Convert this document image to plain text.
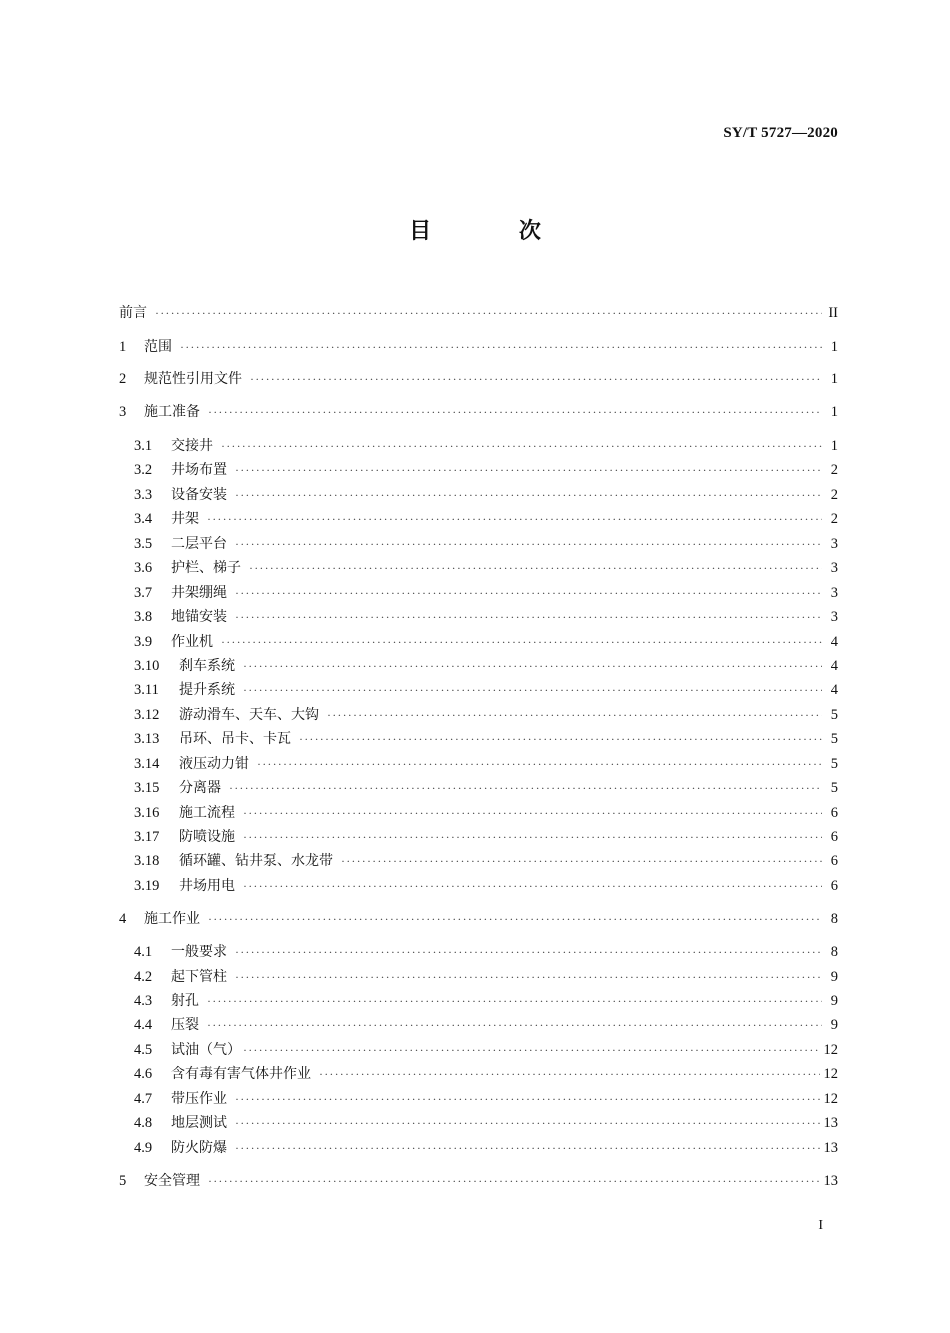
SY/T 5727—2020
目 次
前言 ·····	II
1	范围 ·····	1
2	规范性引用文件 ·····	1
3	施工准备 ·····	1
3.1	交接井 ·····	1
3.2	井场布置 ·····	2
3.3	设备安装 ·····	2
3.4	井架 ·····	2
3.5	二层平台 ·····	3
3.6	护栏、梯子 ·····	3
3.7	井架绷绳 ·····	3
3.8	地锚安装 ·····	3
3.9	作业机 ·····	4
3.10	刹车系统 ·····	4
3.11	提升系统 ·····	4
3.12	游动滑车、天车、大钩 ·····	5
3.13	吊环、吊卡、卡瓦 ·····	5
3.14	液压动力钳 ·····	5
3.15	分离器 ·····	5
3.16	施工流程 ·····	6
3.17	防喷设施 ·····	6
3.18	循环罐、钻井泵、水龙带 ·····	6
3.19	井场用电 ·····	6
4	施工作业 ·····	8
4.1	一般要求 ·····	8
4.2	起下管柱 ·····	9
4.3	射孔 ·····	9
4.4	压裂 ·····	9
4.5	试油（气） ·····	12
4.6	含有毒有害气体井作业 ·····	12
4.7	带压作业 ·····	12
4.8	地层测试 ·····	13
4.9	防火防爆 ·····	13
5	安全管理 ·····	13
I
